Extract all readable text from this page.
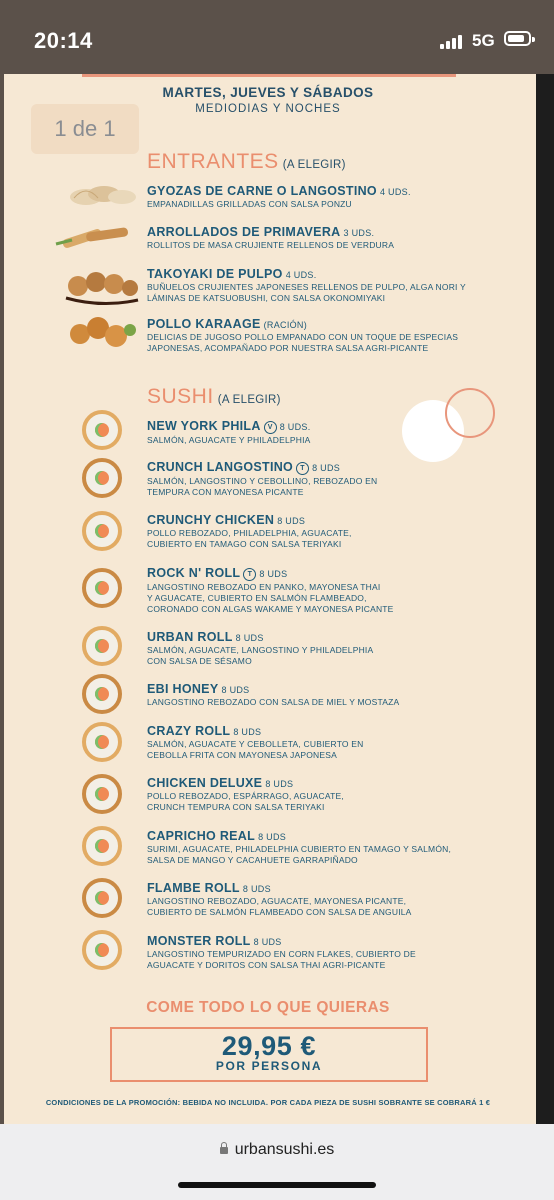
20:14	5G
MARTES, JUEVES Y SÁBADOS
MEDIODIAS Y NOCHES
1 de 1
ENTRANTES (A ELEGIR)
GYOZAS DE CARNE O LANGOSTINO 4 UDS.
EMPANADILLAS GRILLADAS CON SALSA PONZU
ARROLLADOS DE PRIMAVERA 3 UDS.
ROLLITOS DE MASA CRUJIENTE RELLENOS DE VERDURA
TAKOYAKI DE PULPO 4 UDS.
BUÑUELOS CRUJIENTES JAPONESES RELLENOS DE PULPO, ALGA NORI Y
LÁMINAS DE KATSUOBUSHI, CON SALSA OKONOMIYAKI
POLLO KARAAGE (RACIÓN)
DELICIAS DE JUGOSO POLLO EMPANADO CON UN TOQUE DE ESPECIAS
JAPONESAS, ACOMPAÑADO POR NUESTRA SALSA AGRI-PICANTE
SUSHI (A ELEGIR)
NEW YORK PHILA V 8 UDS.
SALMÓN, AGUACATE Y PHILADELPHIA
CRUNCH LANGOSTINO T 8 UDS
SALMÓN, LANGOSTINO Y CEBOLLINO, REBOZADO EN
TEMPURA CON MAYONESA PICANTE
CRUNCHY CHICKEN 8 UDS
POLLO REBOZADO, PHILADELPHIA, AGUACATE,
CUBIERTO EN TAMAGO CON SALSA TERIYAKI
ROCK N' ROLL T 8 UDS
LANGOSTINO REBOZADO EN PANKO, MAYONESA THAI
Y AGUACATE, CUBIERTO EN SALMÓN FLAMBEADO,
CORONADO CON ALGAS WAKAME Y MAYONESA PICANTE
URBAN ROLL 8 UDS
SALMÓN, AGUACATE, LANGOSTINO Y PHILADELPHIA
CON SALSA DE SÉSAMO
EBI HONEY 8 UDS
LANGOSTINO REBOZADO CON SALSA DE MIEL Y MOSTAZA
CRAZY ROLL 8 UDS
SALMÓN, AGUACATE Y CEBOLLETA, CUBIERTO EN
CEBOLLA FRITA CON MAYONESA JAPONESA
CHICKEN DELUXE 8 UDS
POLLO REBOZADO, ESPÁRRAGO, AGUACATE,
CRUNCH TEMPURA CON SALSA TERIYAKI
CAPRICHO REAL 8 UDS
SURIMI, AGUACATE, PHILADELPHIA CUBIERTO EN TAMAGO Y SALMÓN,
SALSA DE MANGO Y CACAHUETE GARRAPIÑADO
FLAMBE ROLL 8 UDS
LANGOSTINO REBOZADO, AGUACATE, MAYONESA PICANTE,
CUBIERTO DE SALMÓN FLAMBEADO CON SALSA DE ANGUILA
MONSTER ROLL 8 UDS
LANGOSTINO TEMPURIZADO EN CORN FLAKES, CUBIERTO DE
AGUACATE Y DORITOS CON SALSA THAI AGRI-PICANTE
COME TODO LO QUE QUIERAS
29,95 €
POR PERSONA
CONDICIONES DE LA PROMOCIÓN: BEBIDA NO INCLUIDA. POR CADA PIEZA DE SUSHI SOBRANTE SE COBRARÁ 1 €
urbansushi.es
